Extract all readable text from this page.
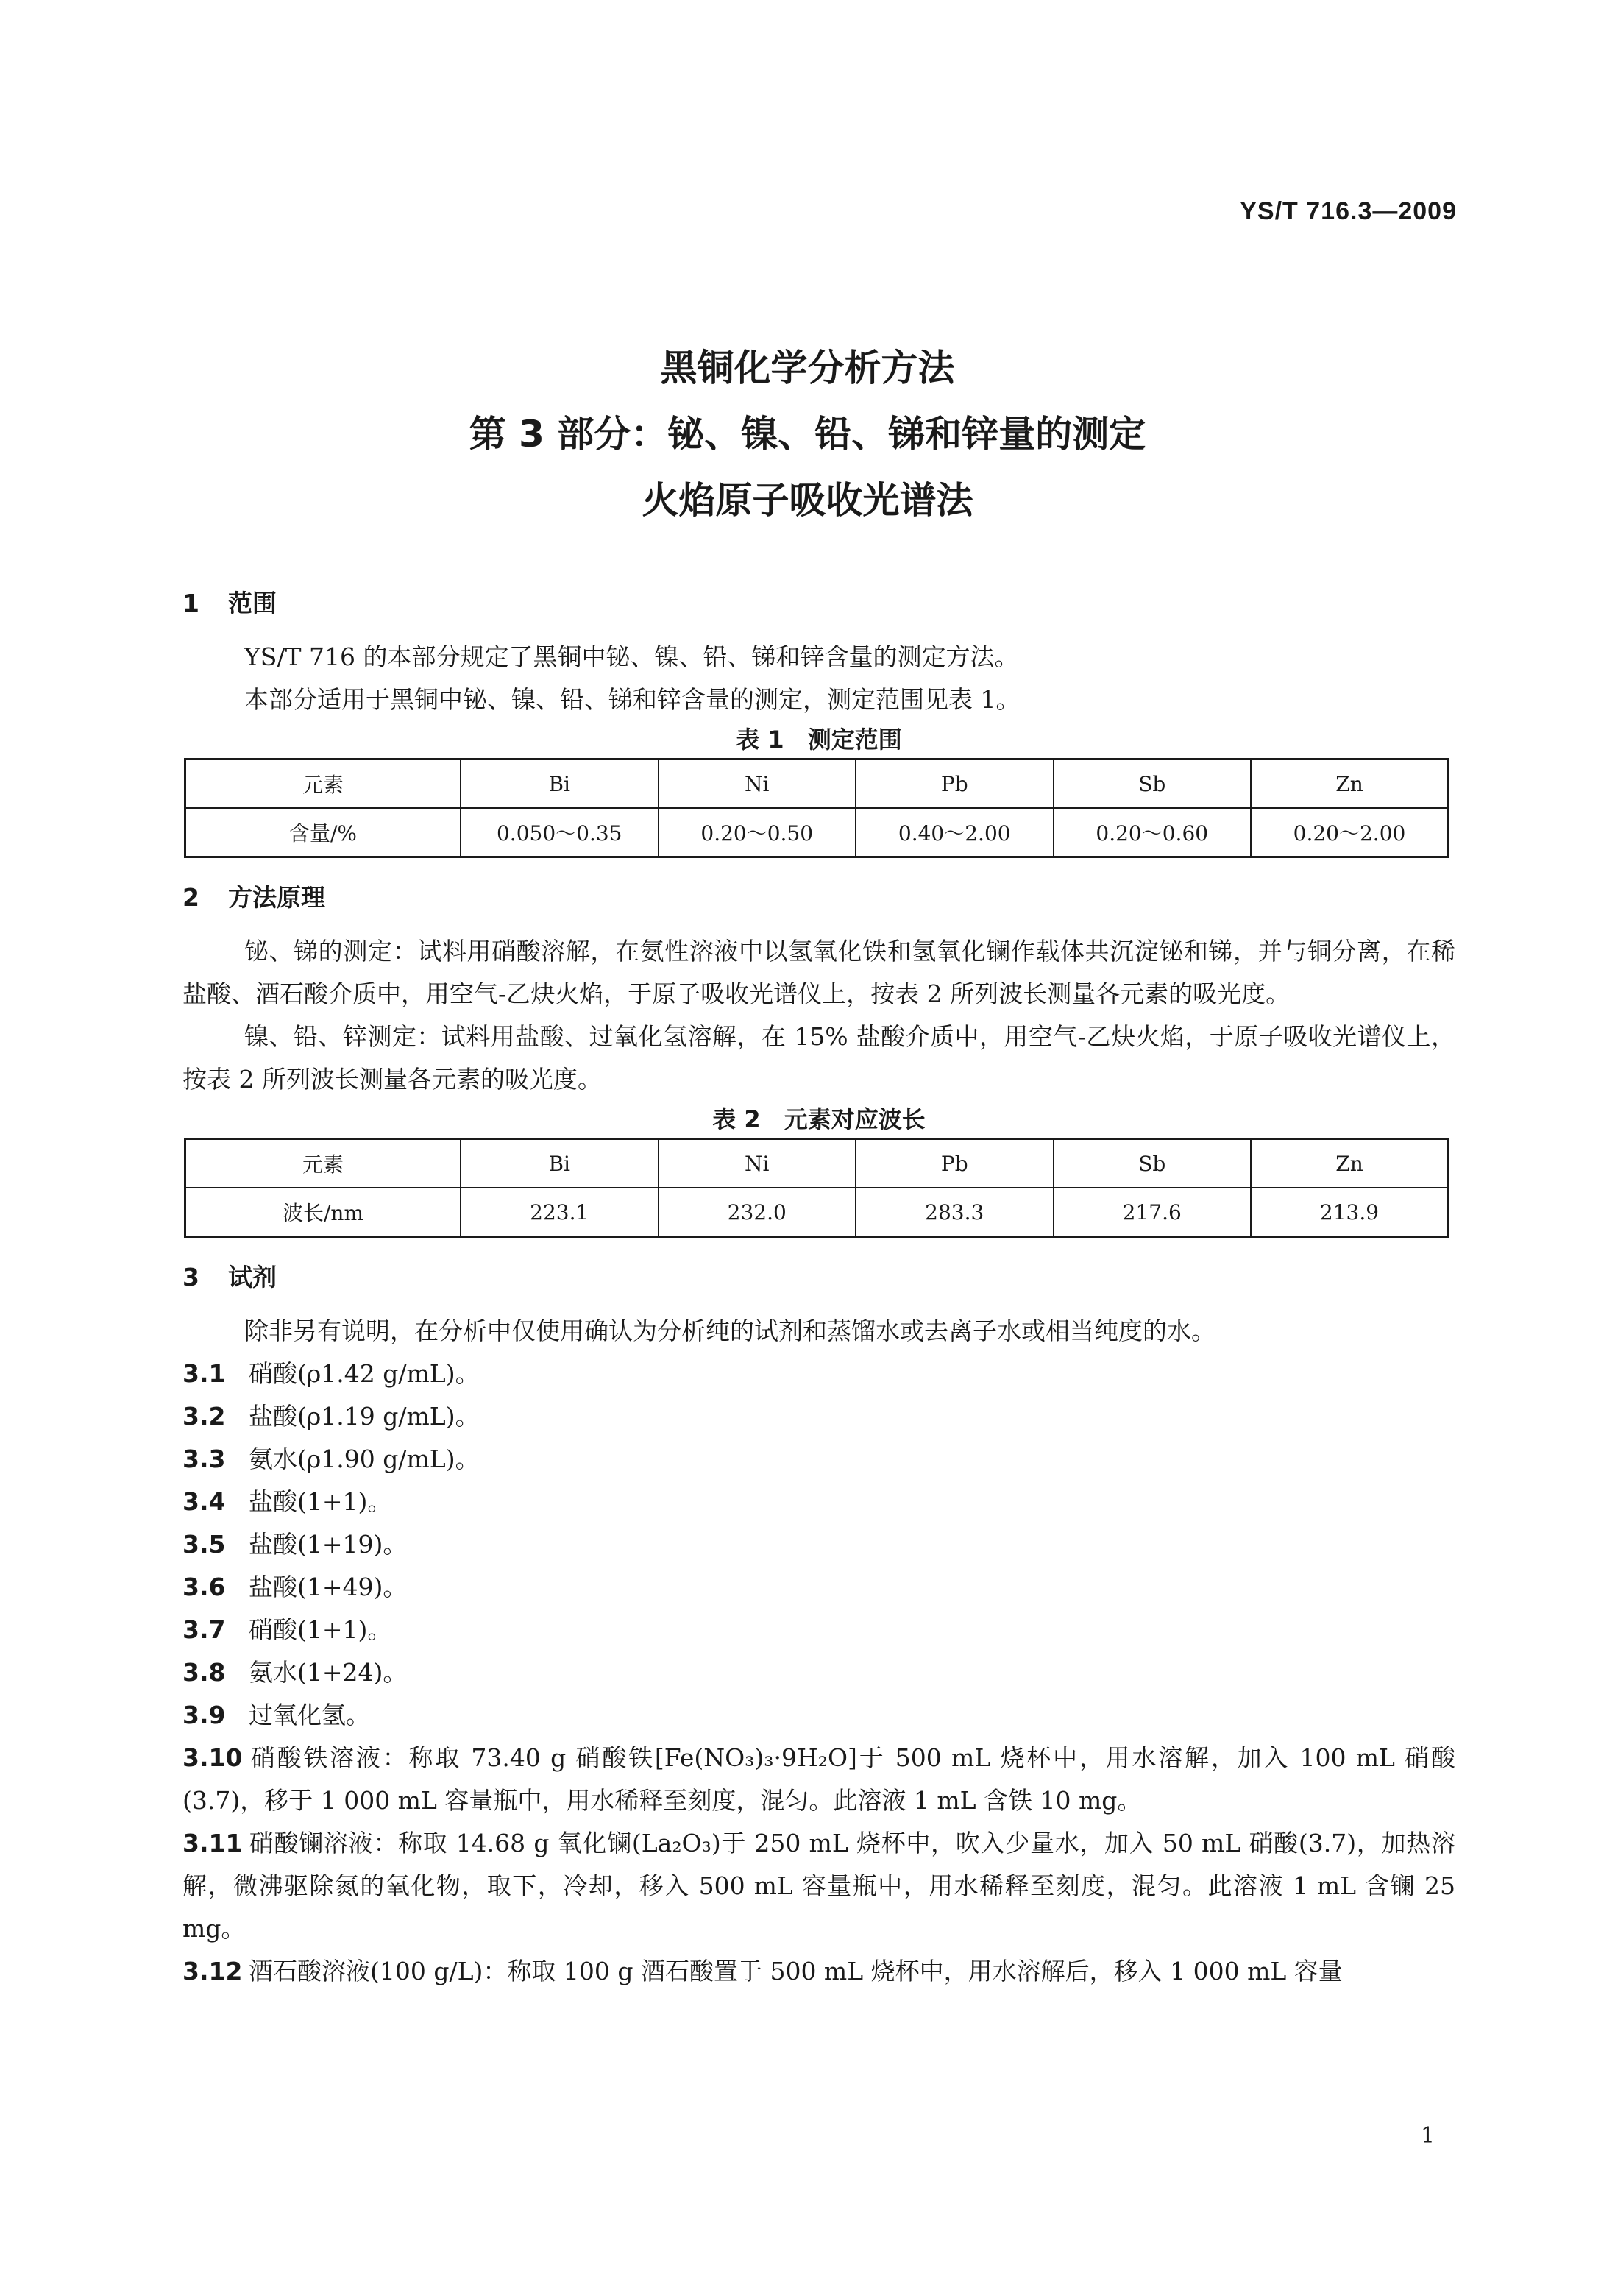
YS/T 716.3—2009

黑铜化学分析方法

第 3 部分：铋、镍、铅、锑和锌量的测定

火焰原子吸收光谱法

1 范围

YS/T 716 的本部分规定了黑铜中铋、镍、铅、锑和锌含量的测定方法。

本部分适用于黑铜中铋、镍、铅、锑和锌含量的测定，测定范围见表 1。

表 1　测定范围

元素	Bi	Ni	Pb	Sb	Zn
含量/%	0.050～0.35	0.20～0.50	0.40～2.00	0.20～0.60	0.20～2.00
2 方法原理

铋、锑的测定：试料用硝酸溶解，在氨性溶液中以氢氧化铁和氢氧化镧作载体共沉淀铋和锑，并与铜分离，在稀盐酸、酒石酸介质中，用空气-乙炔火焰，于原子吸收光谱仪上，按表 2 所列波长测量各元素的吸光度。

镍、铅、锌测定：试料用盐酸、过氧化氢溶解，在 15% 盐酸介质中，用空气-乙炔火焰，于原子吸收光谱仪上，按表 2 所列波长测量各元素的吸光度。

表 2　元素对应波长

元素	Bi	Ni	Pb	Sb	Zn
波长/nm	223.1	232.0	283.3	217.6	213.9
3 试剂

除非另有说明，在分析中仅使用确认为分析纯的试剂和蒸馏水或去离子水或相当纯度的水。

3.1 硝酸(ρ1.42 g/mL)。

3.2 盐酸(ρ1.19 g/mL)。

3.3 氨水(ρ1.90 g/mL)。

3.4 盐酸(1+1)。

3.5 盐酸(1+19)。

3.6 盐酸(1+49)。

3.7 硝酸(1+1)。

3.8 氨水(1+24)。

3.9 过氧化氢。

3.10 硝酸铁溶液：称取 73.40 g 硝酸铁[Fe(NO₃)₃·9H₂O]于 500 mL 烧杯中，用水溶解，加入 100 mL 硝酸(3.7)，移于 1 000 mL 容量瓶中，用水稀释至刻度，混匀。此溶液 1 mL 含铁 10 mg。

3.11 硝酸镧溶液：称取 14.68 g 氧化镧(La₂O₃)于 250 mL 烧杯中，吹入少量水，加入 50 mL 硝酸(3.7)，加热溶解，微沸驱除氮的氧化物，取下，冷却，移入 500 mL 容量瓶中，用水稀释至刻度，混匀。此溶液 1 mL 含镧 25 mg。

3.12 酒石酸溶液(100 g/L)：称取 100 g 酒石酸置于 500 mL 烧杯中，用水溶解后，移入 1 000 mL 容量

1
